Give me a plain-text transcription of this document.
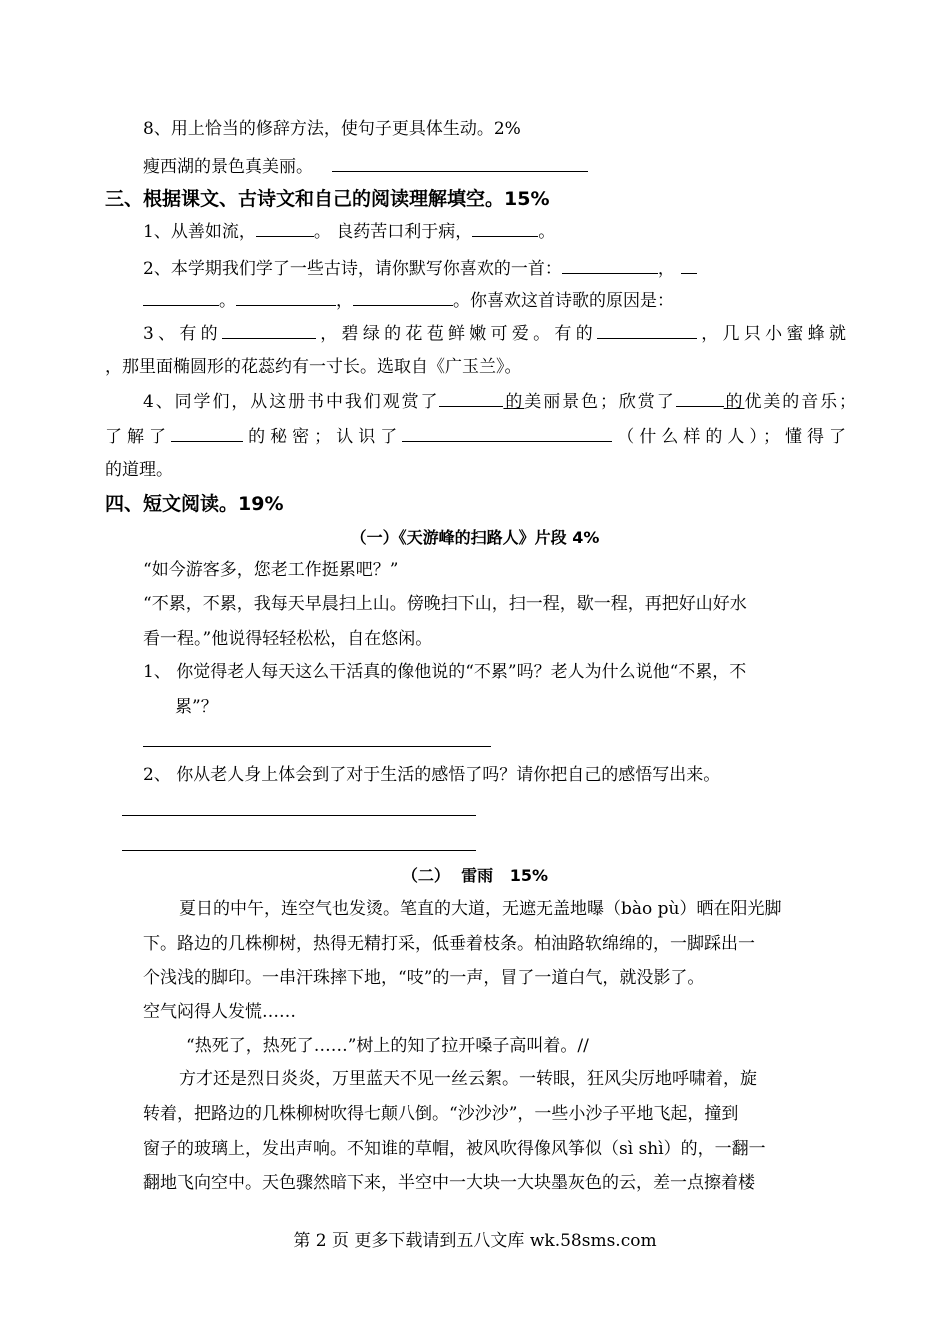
8、用上恰当的修辞方法，使句子更具体生动。2%
瘦西湖的景色真美丽。
三、根据课文、古诗文和自己的阅读理解填空。15%
1、从善如流，	。 良药苦口利于病，	。
2、本学期我们学了一些古诗，请你默写你喜欢的一首：	，
。	，	。你喜欢这首诗歌的原因是：
3、有的	，碧绿的花苞鲜嫩可爱。有的	，几只小蜜蜂就
，那里面椭圆形的花蕊约有一寸长。选取自《广玉兰》。
4、同学们，从这册书中我们观赏了	的美丽景色；欣赏了	的优美的音乐；
了解了	的秘密；认识了	（什么样的人）；懂得了
的道理。
四、短文阅读。19%
（一）《天游峰的扫路人》片段 4%
“如今游客多，您老工作挺累吧？”
“不累，不累，我每天早晨扫上山。傍晚扫下山，扫一程，歇一程，再把好山好水
看一程。”他说得轻轻松松，自在悠闲。
1、 你觉得老人每天这么干活真的像他说的“不累”吗？老人为什么说他“不累，不
累”？
2、 你从老人身上体会到了对于生活的感悟了吗？请你把自己的感悟写出来。
（二）  雷雨   15%
夏日的中午，连空气也发烫。笔直的大道，无遮无盖地曝（bào pù）晒在阳光脚
下。路边的几株柳树，热得无精打采，低垂着枝条。柏油路软绵绵的，一脚踩出一
个浅浅的脚印。一串汗珠摔下地，“吱”的一声，冒了一道白气，就没影了。
空气闷得人发慌……
“热死了，热死了……”树上的知了拉开嗓子高叫着。//
方才还是烈日炎炎，万里蓝天不见一丝云絮。一转眼，狂风尖厉地呼啸着，旋
转着，把路边的几株柳树吹得七颠八倒。“沙沙沙”，一些小沙子平地飞起，撞到
窗子的玻璃上，发出声响。不知谁的草帽，被风吹得像风筝似（sì shì）的，一翻一
翻地飞向空中。天色骤然暗下来，半空中一大块一大块墨灰色的云，差一点擦着楼
第 2 页 更多下载请到五八文库 wk.58sms.com
